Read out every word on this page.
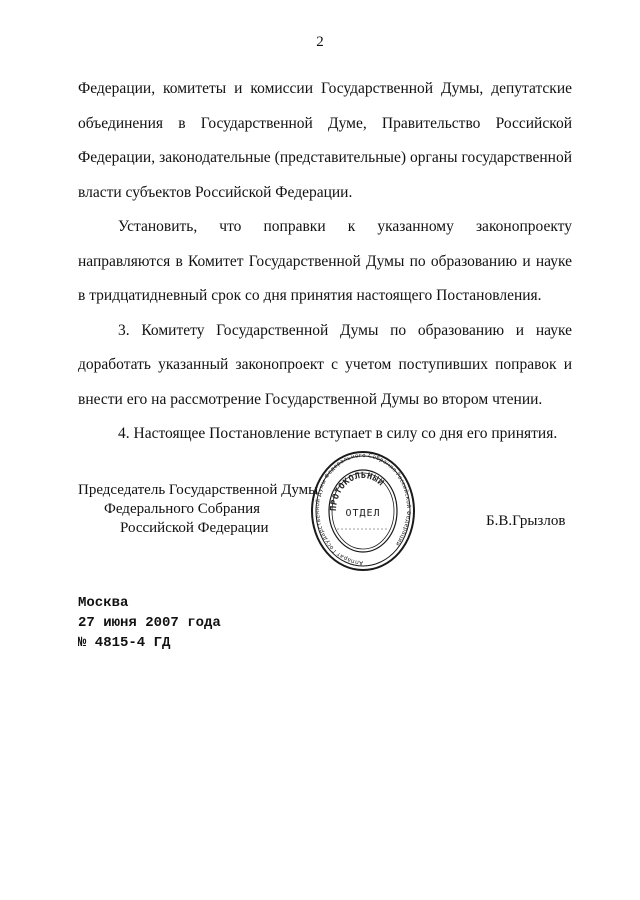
2

Федерации, комитеты и комиссии Государственной Думы, депутатские объединения в Государственной Думе, Правительство Российской Федерации, законодательные (представительные) органы государственной власти субъектов Российской Федерации.

Установить, что поправки к указанному законопроекту направляются в Комитет Государственной Думы по образованию и науке в тридцатидневный срок со дня принятия настоящего Постановления.

3. Комитету Государственной Думы по образованию и науке доработать указанный законопроект с учетом поступивших поправок и внести его на рассмотрение Государственной Думы во втором чтении.

4. Настоящее Постановление вступает в силу со дня его принятия.

Председатель Государственной Думы
Федерального Собрания
Российской Федерации	Б.В.Грызлов
Аппарат Государственной Думы Федерального Собрания Российской Федерации
ПРОТОКОЛЬНЫЙ
ОТДЕЛ
Москва
27 июня 2007 года
№ 4815-4 ГД
